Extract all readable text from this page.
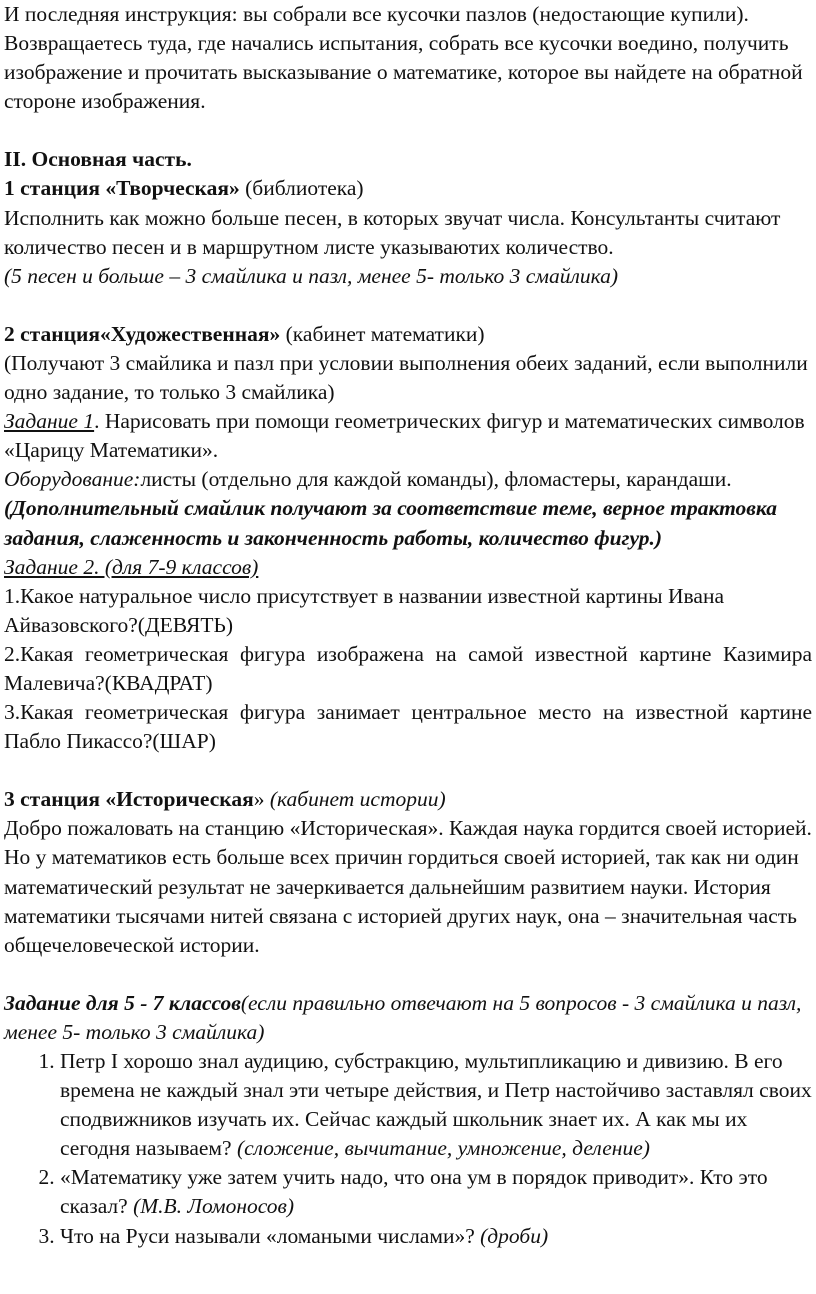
И последняя инструкция: вы собрали все кусочки пазлов (недостающие купили). Возвращаетесь туда, где начались испытания, собрать все кусочки воедино, получить изображение и прочитать высказывание о математике, которое вы найдете на обратной стороне изображения.

II. Основная часть.

1 станция «Творческая» (библиотека)

Исполнить как можно больше песен, в которых звучат числа. Консультанты считают количество песен и в маршрутном листе указываютих количество.

(5 песен и больше – 3 смайлика и пазл, менее 5- только 3 смайлика)

2 станция«Художественная» (кабинет математики)

(Получают 3 смайлика и пазл при условии выполнения обеих заданий, если выполнили одно задание, то только 3 смайлика)

Задание 1. Нарисовать при помощи геометрических фигур и математических символов «Царицу Математики».

Оборудование:листы (отдельно для каждой команды), фломастеры, карандаши.

(Дополнительный смайлик получают за соответствие теме, верное трактовка задания, слаженность и законченность работы, количество фигур.)

Задание 2. (для 7-9 классов)

1.Какое натуральное число присутствует в названии известной картины Ивана Айвазовского?(ДЕВЯТЬ)

2.Какая геометрическая фигура изображена на самой известной картине Казимира Малевича?(КВАДРАТ)

3.Какая геометрическая фигура занимает центральное место на известной картине Пабло Пикассо?(ШАР)

3 станция «Историческая» (кабинет истории)

Добро пожаловать на станцию «Историческая». Каждая наука гордится своей историей. Но у математиков есть больше всех причин гордиться своей историей, так как ни один математический результат не зачеркивается дальнейшим развитием науки. История математики тысячами нитей связана с историей других наук, она – значительная часть общечеловеческой истории.

Задание для 5 - 7 классов(если правильно отвечают на 5 вопросов - 3 смайлика и пазл, менее 5- только 3 смайлика)

1. Петр I хорошо знал аудицию, субстракцию, мультипликацию и дивизию. В его времена не каждый знал эти четыре действия, и Петр настойчиво заставлял своих сподвижников изучать их. Сейчас каждый школьник знает их. А как мы их сегодня называем? (сложение, вычитание, умножение, деление)
2. «Математику уже затем учить надо, что она ум в порядок приводит». Кто это сказал? (М.В. Ломоносов)
3. Что на Руси называли «ломаными числами»? (дроби)
